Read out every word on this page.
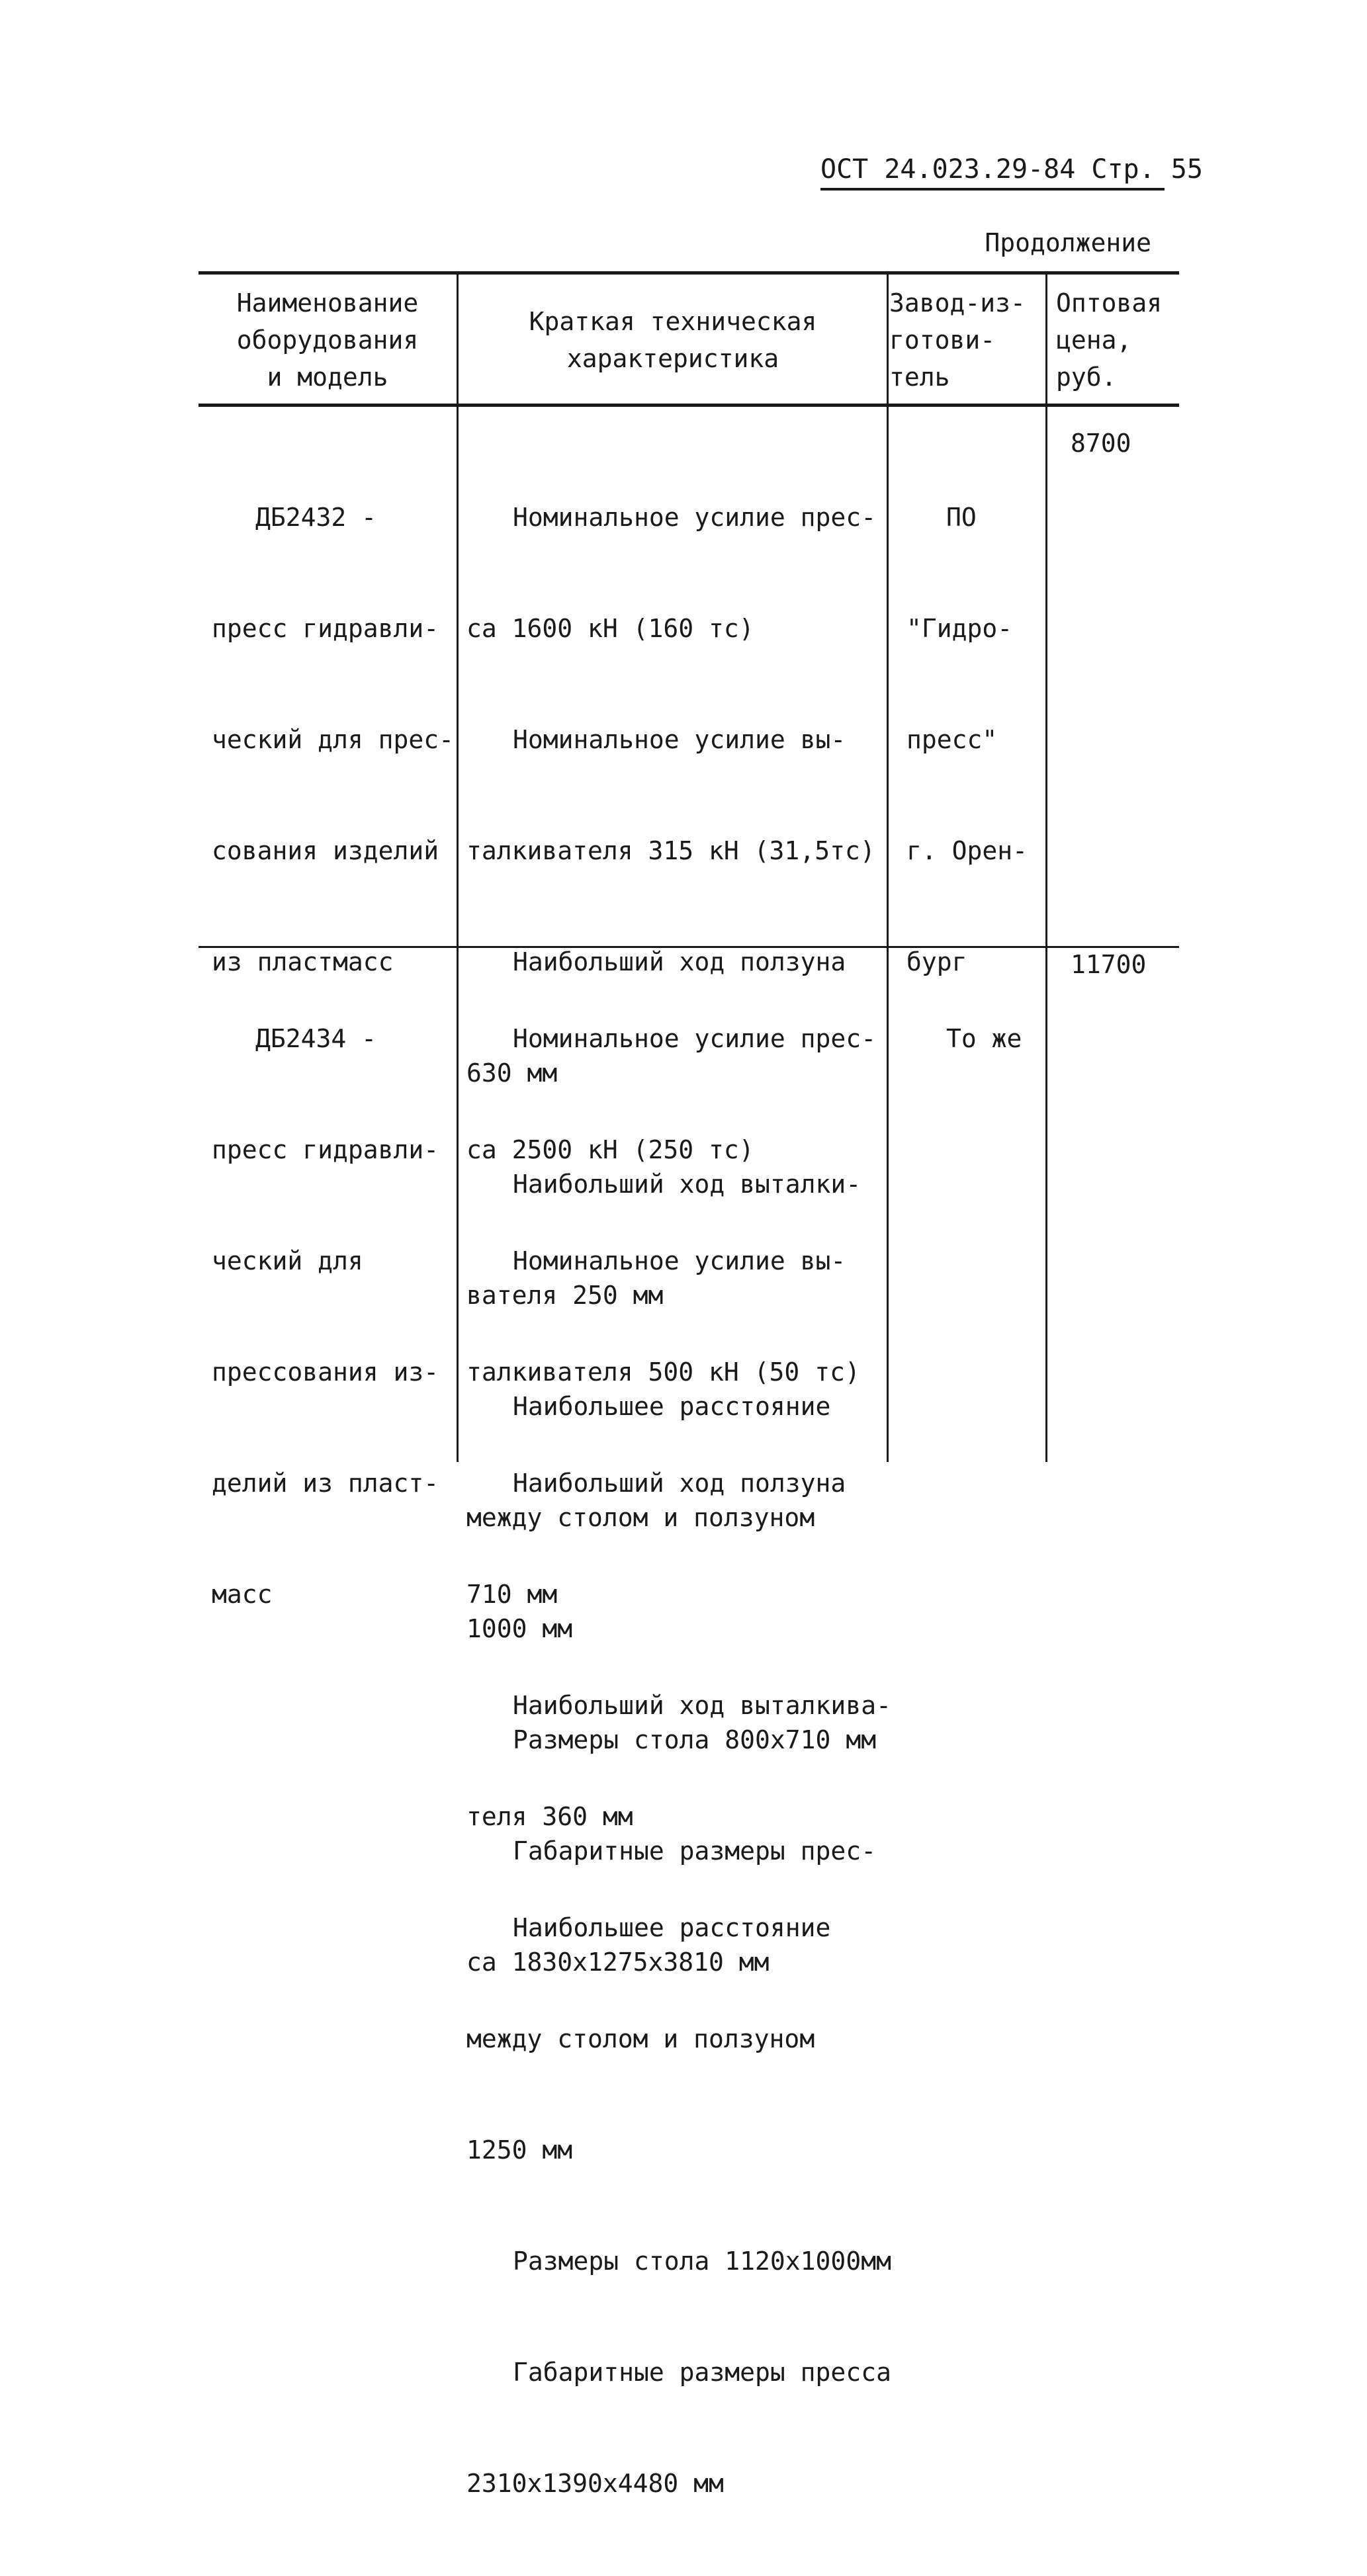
ОСТ 24.023.29-84 Стр. 55
Продолжение
Наименование
оборудования
и модель
Краткая техническая
характеристика
Завод-из-
готови-
тель
Оптовая
цена,
руб.

ДБ2432 -

пресс гидравли-

ческий для прес-

сования изделий

из пластмасс

Номинальное усилие прес-

са 1600 кН (160 тс)

Номинальное усилие вы-

талкивателя 315 кН (31,5тс)

Наибольший ход ползуна

630 мм

Наибольший ход выталки-

вателя 250 мм

Наибольшее расстояние

между столом и ползуном

1000 мм

Размеры стола 800х710 мм

Габаритные размеры прес-

са 1830х1275х3810 мм

ПО

"Гидро-

пресс"

г. Орен-

бург

8700

ДБ2434 -

пресс гидравли-

ческий для

прессования из-

делий из пласт-

масс

Номинальное усилие прес-

са 2500 кН (250 тс)

Номинальное усилие вы-

талкивателя 500 кН (50 тс)

Наибольший ход ползуна

710 мм

Наибольший ход выталкива-

теля 360 мм

Наибольшее расстояние

между столом и ползуном

1250 мм

Размеры стола 1120х1000мм

Габаритные размеры пресса

2310х1390х4480 мм

То же

11700
